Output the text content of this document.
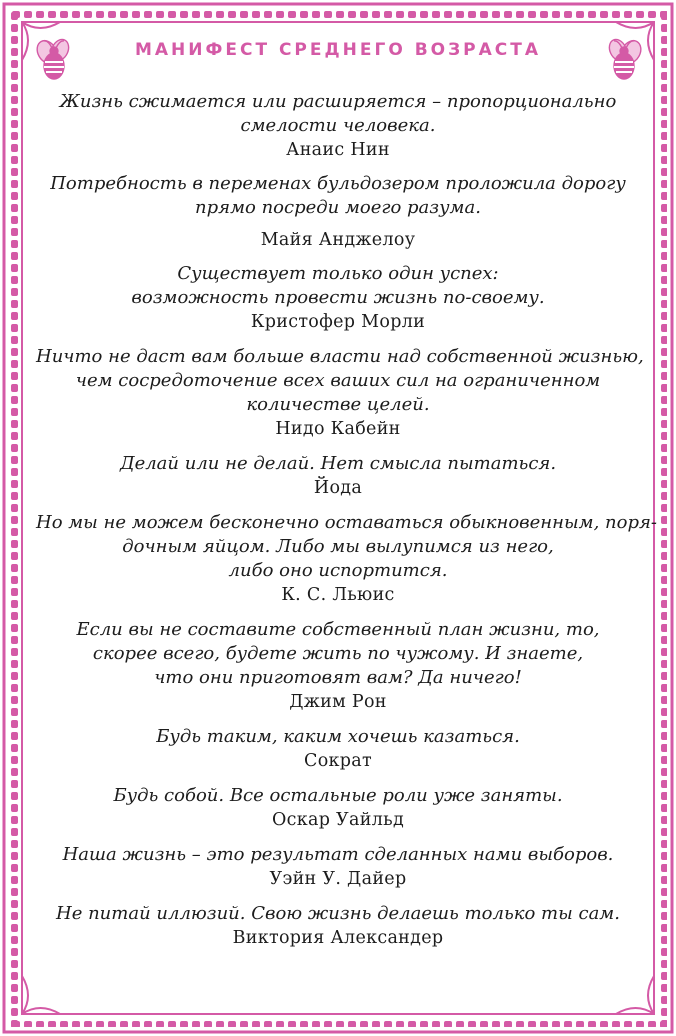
МАНИФЕСТ СРЕДНЕГО ВОЗРАСТА
Жизнь сжимается или расширяется – пропорционально
смелости человека.
Анаис Нин
Потребность в переменах бульдозером проложила дорогу
прямо посреди моего разума.
Майя Анджелоу
Существует только один успех:
возможность провести жизнь по-своему.
Кристофер Морли
Ничто не даст вам больше власти над собственной жизнью,
чем сосредоточение всех ваших сил на ограниченном
количестве целей.
Нидо Кабейн
Делай или не делай. Нет смысла пытаться.
Йода
Но мы не можем бесконечно оставаться обыкновенным, поря-
дочным яйцом. Либо мы вылупимся из него,
либо оно испортится.
К. С. Льюис
Если вы не составите собственный план жизни, то,
скорее всего, будете жить по чужому. И знаете,
что они приготовят вам? Да ничего!
Джим Рон
Будь таким, каким хочешь казаться.
Сократ
Будь собой. Все остальные роли уже заняты.
Оскар Уайльд
Наша жизнь – это результат сделанных нами выборов.
Уэйн У. Дайер
Не питай иллюзий. Свою жизнь делаешь только ты сам.
Виктория Александер
